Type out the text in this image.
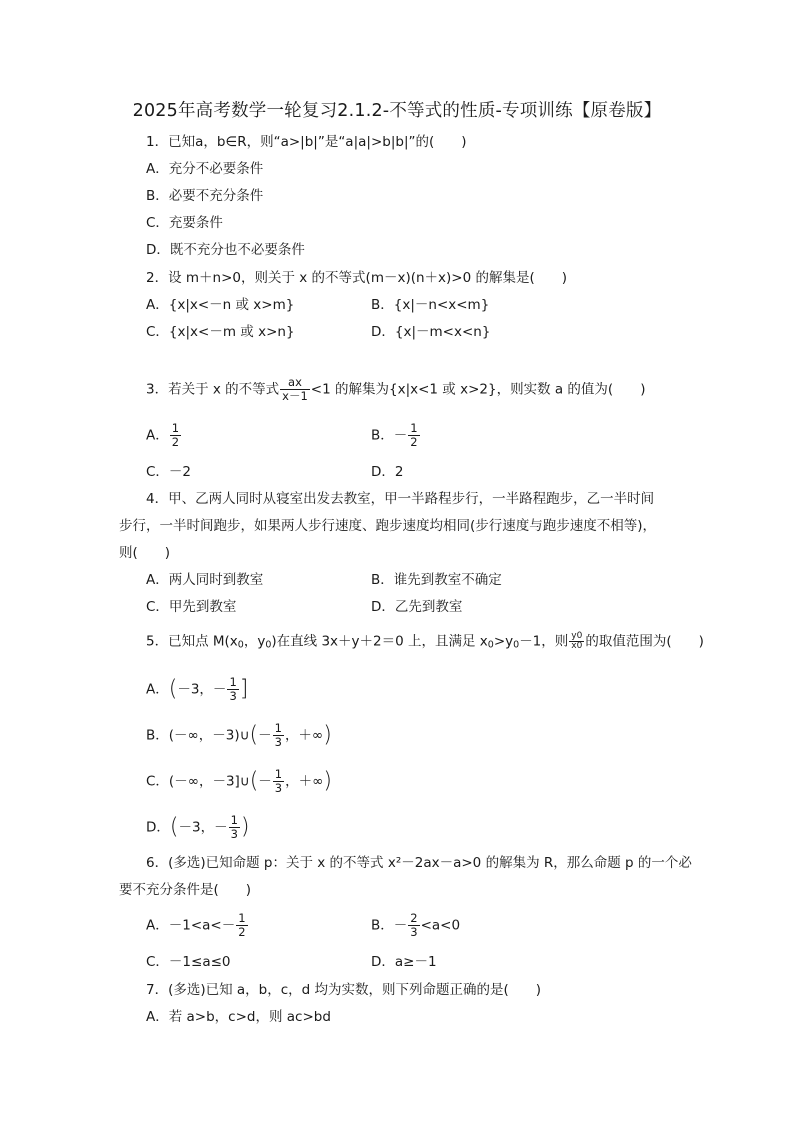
2025年高考数学一轮复习2.1.2-不等式的性质-专项训练【原卷版】
1．已知a，b∈R，则“a>|b|”是“a|a|>b|b|”的(　　)
A．充分不必要条件
B．必要不充分条件
C．充要条件
D．既不充分也不必要条件
2．设 m＋n>0，则关于 x 的不等式(m－x)(n＋x)>0 的解集是(　　)
A．{x|x<－n 或 x>m}	B．{x|－n<x<m}
C．{x|x<－m 或 x>n}	D．{x|－m<x<n}
3．若关于 x 的不等式 $\frac{ax}{x-1} <1$ 的解集为{x|x<1 或 x>2}，则实数 a 的值为(　　)
A． $\frac{1}{2}$	B．－ $\frac{1}{2}$
C．－2	D．2
4．甲、乙两人同时从寝室出发去教室，甲一半路程步行，一半路程跑步，乙一半时间
步行，一半时间跑步，如果两人步行速度、跑步速度均相同(步行速度与跑步速度不相等)，
则(　　)
A．两人同时到教室	B．谁先到教室不确定
C．甲先到教室	D．乙先到教室
5．已知点 $M(x_0$，$y_0$)在直线 3x＋y＋2＝0 上，且满足 $x_0>y_0-1$，则 $\frac{y0}{x0}$ 的取值范围为(　　)
A．(－3，－ $\frac{1}{3}$ ]
B．(－∞，－3)∪(－ $\frac{1}{3}$ ，＋∞)
C．(－∞，－3]∪(－ $\frac{1}{3}$ ，＋∞)
D．(－3，－ $\frac{1}{3}$ )
6．(多选)已知命题 p：关于 x 的不等式 x²－2ax－a>0 的解集为 R，那么命题 p 的一个必
要不充分条件是(　　)
A．$-1<a<- \frac{1}{2}$	B．－ $\frac{2}{3} <a<0$
C．－1≤a≤0	D．a≥－1
7．(多选)已知 a，b，c，d 均为实数，则下列命题正确的是(　　)
A．若 a>b，c>d，则 ac>bd
